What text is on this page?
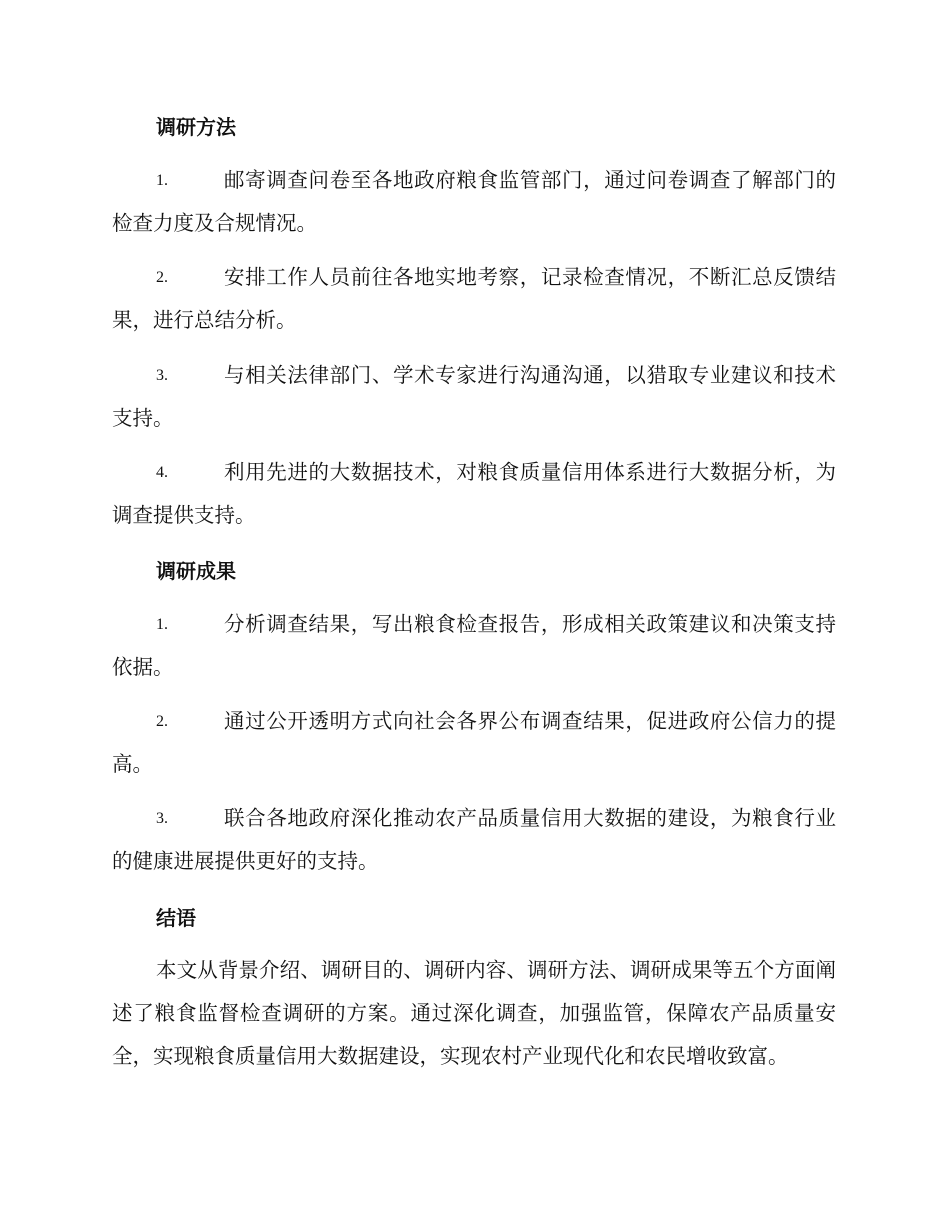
调研方法
1.	邮寄调查问卷至各地政府粮食监管部门，通过问卷调查了解部门的检查力度及合规情况。
2.	安排工作人员前往各地实地考察，记录检查情况，不断汇总反馈结果，进行总结分析。
3.	与相关法律部门、学术专家进行沟通沟通，以猎取专业建议和技术支持。
4.	利用先进的大数据技术，对粮食质量信用体系进行大数据分析，为调查提供支持。
调研成果
1.	分析调查结果，写出粮食检查报告，形成相关政策建议和决策支持依据。
2.	通过公开透明方式向社会各界公布调查结果，促进政府公信力的提高。
3.	联合各地政府深化推动农产品质量信用大数据的建设，为粮食行业的健康进展提供更好的支持。
结语
本文从背景介绍、调研目的、调研内容、调研方法、调研成果等五个方面阐述了粮食监督检查调研的方案。通过深化调查，加强监管，保障农产品质量安全，实现粮食质量信用大数据建设，实现农村产业现代化和农民增收致富。
